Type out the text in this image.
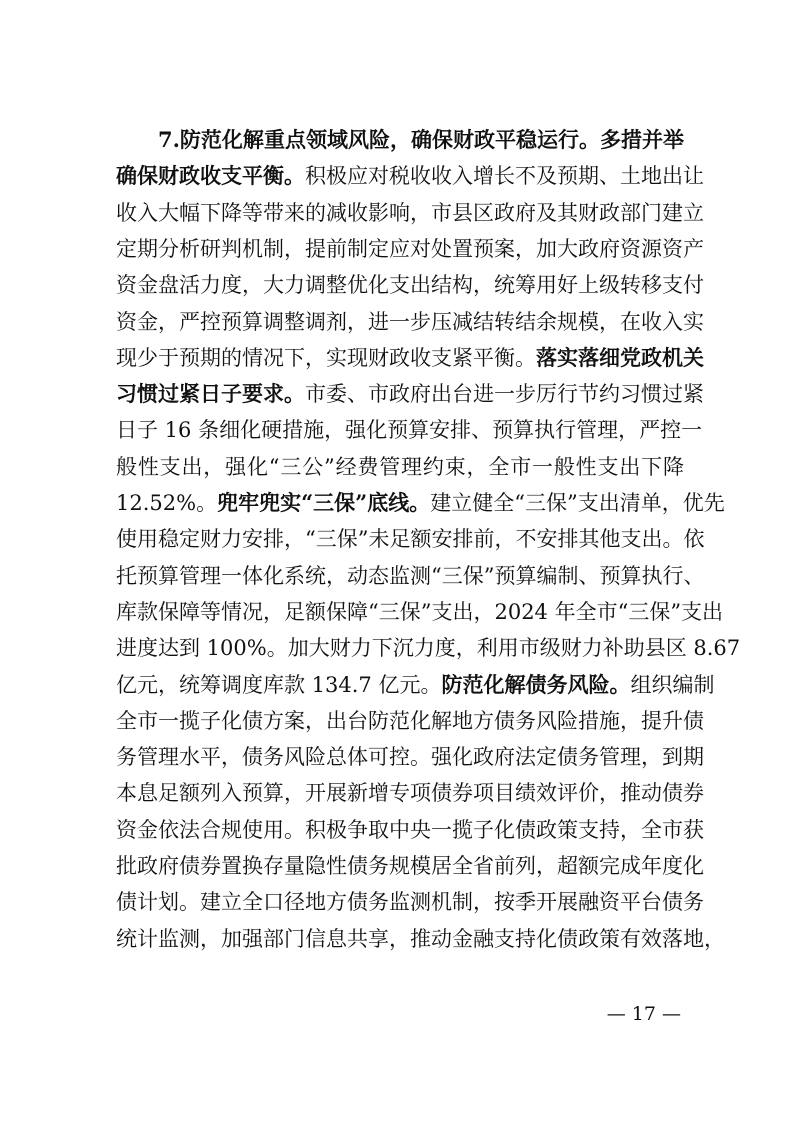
7.防范化解重点领域风险，确保财政平稳运行。多措并举
确保财政收支平衡。积极应对税收收入增长不及预期、土地出让
收入大幅下降等带来的减收影响，市县区政府及其财政部门建立
定期分析研判机制，提前制定应对处置预案，加大政府资源资产
资金盘活力度，大力调整优化支出结构，统筹用好上级转移支付
资金，严控预算调整调剂，进一步压减结转结余规模，在收入实
现少于预期的情况下，实现财政收支紧平衡。落实落细党政机关
习惯过紧日子要求。市委、市政府出台进一步厉行节约习惯过紧
日子 16 条细化硬措施，强化预算安排、预算执行管理，严控一
般性支出，强化“三公”经费管理约束，全市一般性支出下降
12.52%。兜牢兜实“三保”底线。建立健全“三保”支出清单，优先
使用稳定财力安排，“三保”未足额安排前，不安排其他支出。依
托预算管理一体化系统，动态监测“三保”预算编制、预算执行、
库款保障等情况，足额保障“三保”支出，2024 年全市“三保”支出
进度达到 100%。加大财力下沉力度，利用市级财力补助县区 8.67
亿元，统筹调度库款 134.7 亿元。防范化解债务风险。组织编制
全市一揽子化债方案，出台防范化解地方债务风险措施，提升债
务管理水平，债务风险总体可控。强化政府法定债务管理，到期
本息足额列入预算，开展新增专项债券项目绩效评价，推动债券
资金依法合规使用。积极争取中央一揽子化债政策支持，全市获
批政府债券置换存量隐性债务规模居全省前列，超额完成年度化
债计划。建立全口径地方债务监测机制，按季开展融资平台债务
统计监测，加强部门信息共享，推动金融支持化债政策有效落地，
— 17 —
